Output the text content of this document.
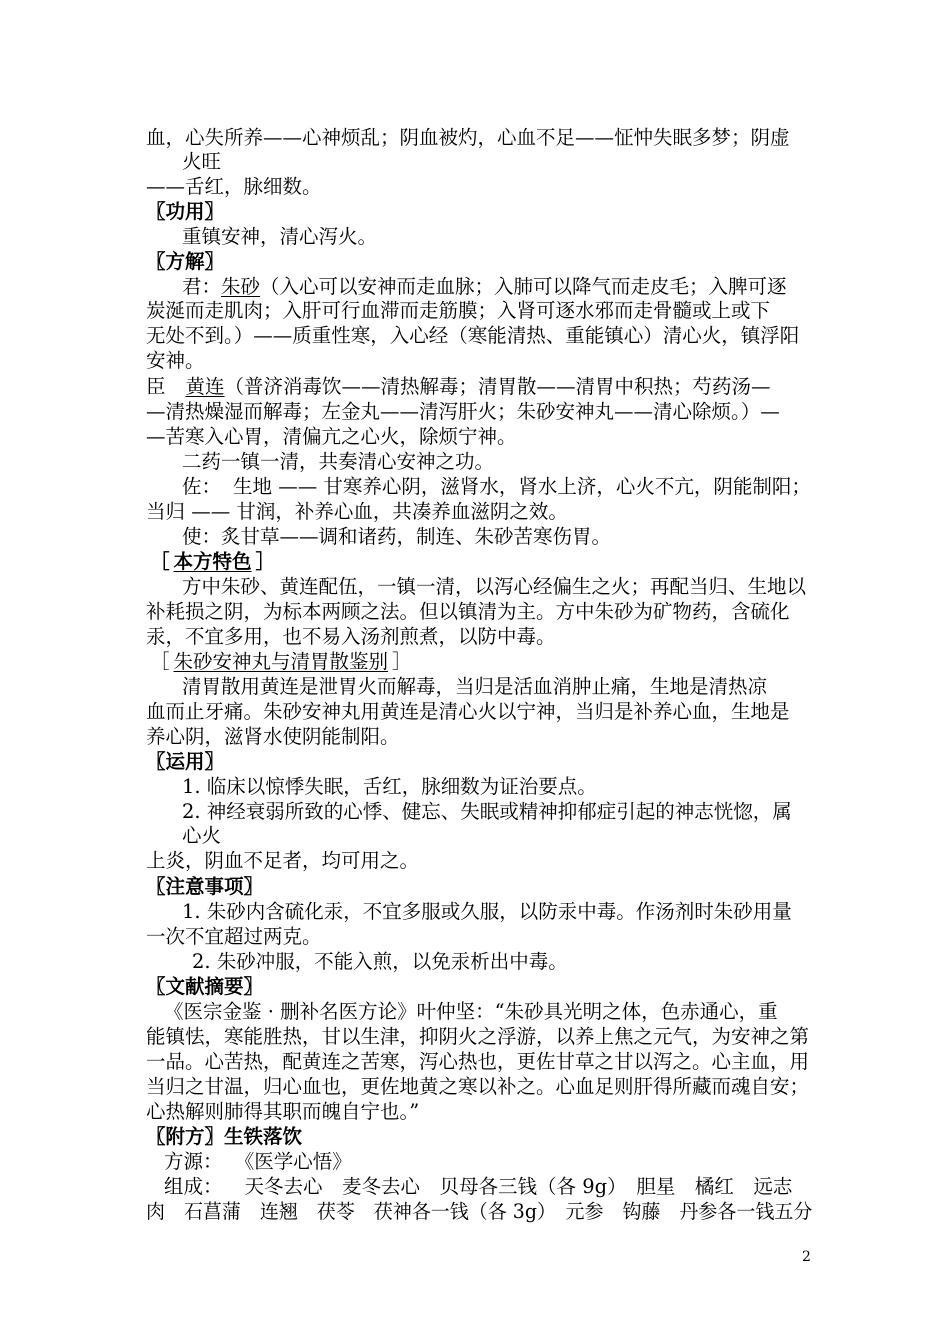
血，心失所养——心神烦乱；阴血被灼，心血不足——怔忡失眠多梦；阴虚
火旺
——舌红，脉细数。
〖功用〗
重镇安神，清心泻火。
〖方解〗
君：朱砂（入心可以安神而走血脉；入肺可以降气而走皮毛；入脾可逐
炭涎而走肌肉；入肝可行血滞而走筋膜；入肾可逐水邪而走骨髓或上或下
无处不到。）——质重性寒，入心经（寒能清热、重能镇心）清心火，镇浮阳
安神。
臣 黄连（普济消毒饮——清热解毒；清胃散——清胃中积热；芍药汤—
—清热燥湿而解毒；左金丸——清泻肝火；朱砂安神丸——清心除烦。）—
—苦寒入心胃，清偏亢之心火，除烦宁神。
二药一镇一清，共奏清心安神之功。
佐： 生地 —— 甘寒养心阴，滋肾水，肾水上济，心火不亢，阴能制阳；
当归 —— 甘润，补养心血，共凑养血滋阴之效。
使：炙甘草——调和诸药，制连、朱砂苦寒伤胃。
［ 本方特色 ］
方中朱砂、黄连配伍，一镇一清，以泻心经偏生之火；再配当归、生地以
补耗损之阴，为标本两顾之法。但以镇清为主。方中朱砂为矿物药，含硫化
汞，不宜多用，也不易入汤剂煎煮，以防中毒。
［ 朱砂安神丸与清胃散鉴别 ］
清胃散用黄连是泄胃火而解毒，当归是活血消肿止痛，生地是清热凉
血而止牙痛。朱砂安神丸用黄连是清心火以宁神，当归是补养心血，生地是
养心阴，滋肾水使阴能制阳。
〖运用〗
1. 临床以惊悸失眠，舌红，脉细数为证治要点。
2. 神经衰弱所致的心悸、健忘、失眠或精神抑郁症引起的神志恍惚，属
心火
上炎，阴血不足者，均可用之。
〖注意事项〗
1. 朱砂内含硫化汞，不宜多服或久服，以防汞中毒。作汤剂时朱砂用量
一次不宜超过两克。
2. 朱砂冲服，不能入煎，以免汞析出中毒。
〖文献摘要〗
《医宗金鉴 · 删补名医方论》叶仲坚：“朱砂具光明之体，色赤通心，重
能镇怯，寒能胜热，甘以生津，抑阴火之浮游，以养上焦之元气，为安神之第
一品。心苦热，配黄连之苦寒，泻心热也，更佐甘草之甘以泻之。心主血，用
当归之甘温，归心血也，更佐地黄之寒以补之。心血足则肝得所藏而魂自安；
心热解则肺得其职而魄自宁也。”
〖附方〗生铁落饮
方源： 《医学心悟》
组成： 天冬去心　麦冬去心　贝母各三钱（各 9g）　胆星　橘红　远志
肉　石菖蒲　连翘　茯苓　茯神各一钱（各 3g）　元参　钩藤　丹参各一钱五分
2
